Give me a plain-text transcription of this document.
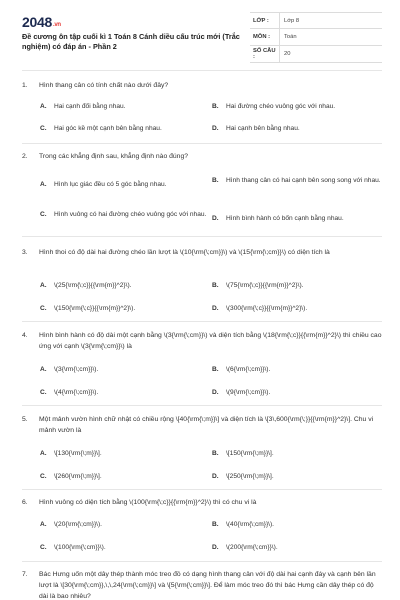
2048.vn
Đề cương ôn tập cuối kì 1 Toán 8 Cánh diều cấu trúc mới (Trắc nghiệm) có đáp án - Phần 2
LỚP :	Lớp 8
MÔN :	Toán
SỐ CÂU :	20
1.	Hình thang cân có tính chất nào dưới đây?
A.	Hai cạnh đối bằng nhau.	B.	Hai đường chéo vuông góc với nhau.
C.	Hai góc kề một cạnh bên bằng nhau.	D.	Hai cạnh bên bằng nhau.
2.	Trong các khẳng định sau, khẳng định nào đúng?
A.	Hình lục giác đều có 5 góc bằng nhau.
B.	Hình thang cân có hai cạnh bên song song với nhau.
C.	Hình vuông có hai đường chéo vuông góc với nhau.
D.	Hình bình hành có bốn cạnh bằng nhau.
3.	Hình thoi có độ dài hai đường chéo lần lượt là \(10{\rm{\;cm}}\) và \(15{\rm{\;cm}}\) có diện tích là
A.	\(25{\rm{\;c}}{{\rm{m}}^2}\).	B.	\(75{\rm{\;c}}{{\rm{m}}^2}\).
C.	\(150{\rm{\;c}}{{\rm{m}}^2}\).	D.	\(300{\rm{\;c}}{{\rm{m}}^2}\).
4.	Hình bình hành có độ dài một cạnh bằng \(3{\rm{\;cm}}\) và diện tích bằng \(18{\rm{\;c}}{{\rm{m}}^2}\) thì chiều cao ứng với cạnh \(3{\rm{\;cm}}\) là
A.	\(3{\rm{\;cm}}\).	B.	\(6{\rm{\;cm}}\).
C.	\(4{\rm{\;cm}}\).	D.	\(9{\rm{\;cm}}\).
5.	Một mảnh vườn hình chữ nhật có chiều rộng \[40{\rm{\;m}}\] và diện tích là \[3\,600{\rm{\;}}{{\rm{m}}^2}\]. Chu vi mảnh vườn là
A.	\[130{\rm{\;m}}\].	B.	\[150{\rm{\;m}}\].
C.	\[260{\rm{\;m}}\].	D.	\[250{\rm{\;m}}\].
6.	Hình vuông có diện tích bằng \(100{\rm{\;c}}{{\rm{m}}^2}\) thì có chu vi là
A.	\(20{\rm{\;cm}}\).	B.	\(40{\rm{\;cm}}\).
C.	\(100{\rm{\;cm}}\).	D.	\(200{\rm{\;cm}}\).
7.	Bác Hưng uốn một dây thép thành móc treo đồ có dạng hình thang cân với độ dài hai cạnh đáy và cạnh bên lần lượt là \[30{\rm{\;cm}},\,\,24{\rm{\;cm}}\] và \[5{\rm{\;cm}}\]. Để làm móc treo đó thì bác Hưng cần dây thép có độ dài là bao nhiêu?
